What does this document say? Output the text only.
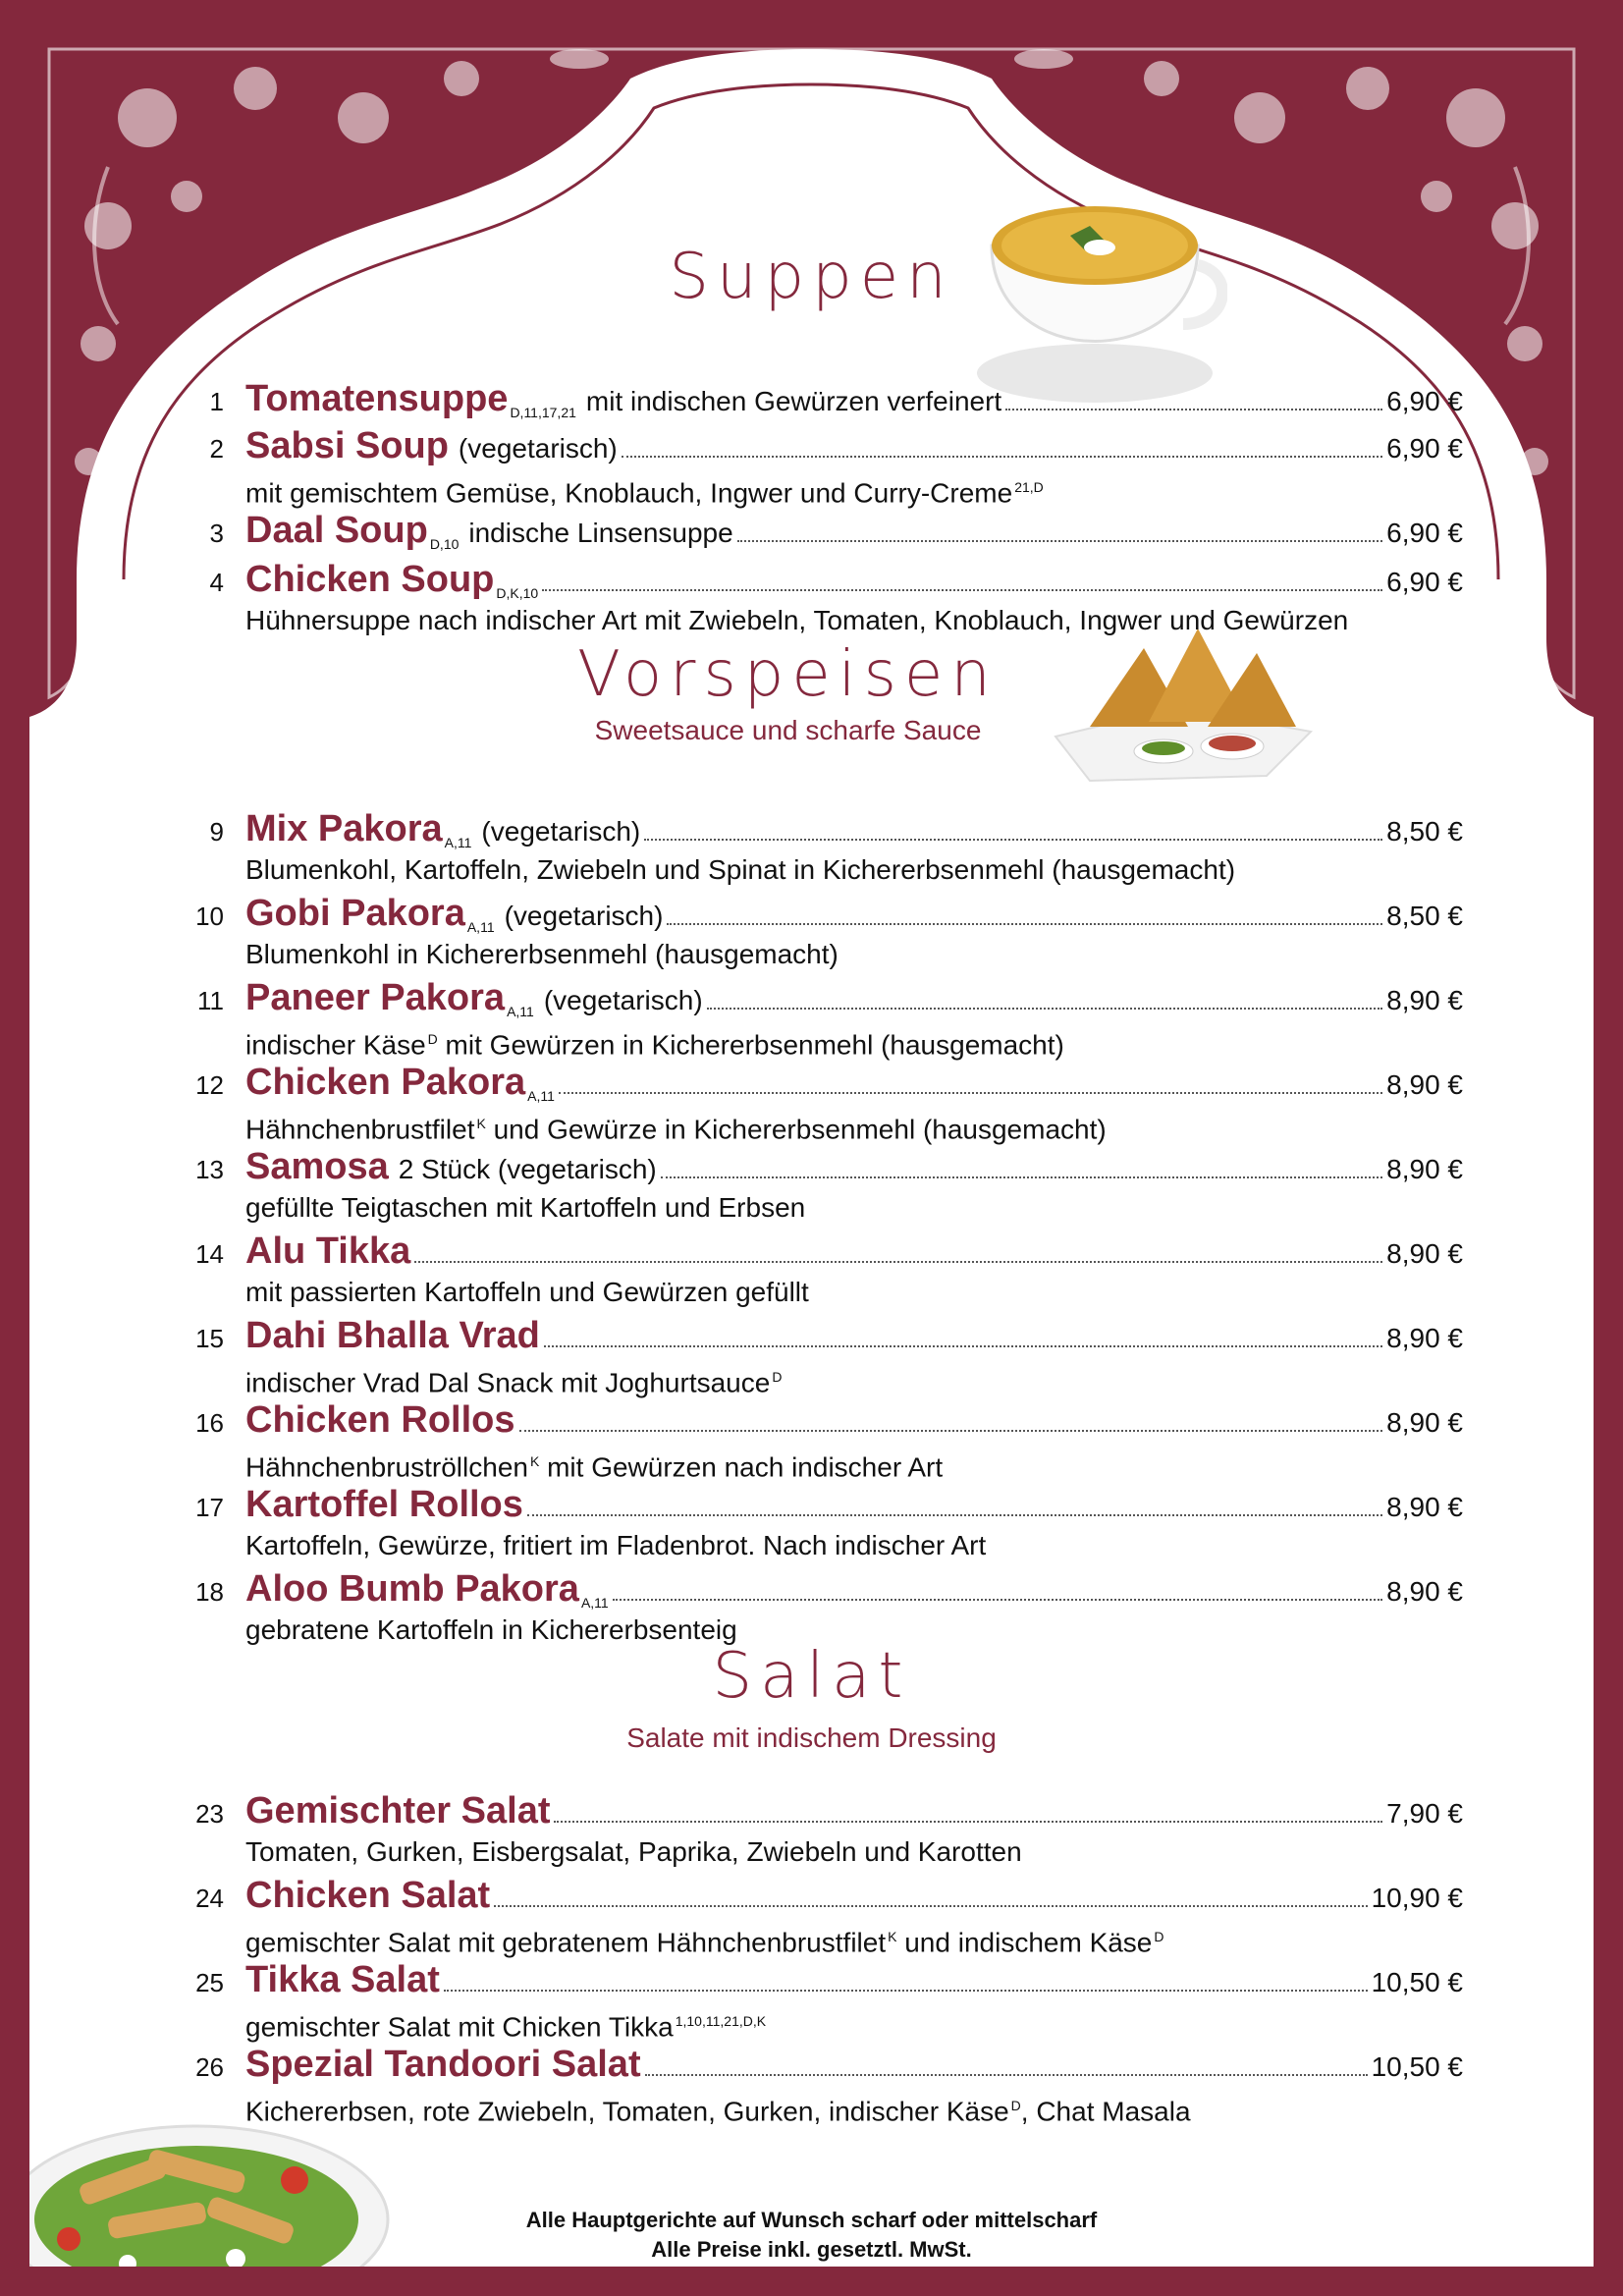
Suppen
Vorspeisen
Sweetsauce und scharfe Sauce
Salat
Salate mit indischem Dressing
1 Tomatensuppe D,11,17,21 mit indischen Gewürzen verfeinert	6,90 €
2 Sabsi Soup (vegetarisch)	6,90 €
mit gemischtem Gemüse, Knoblauch, Ingwer und Curry-Creme $^{21,D}$
3 Daal Soup D,10 indische Linsensuppe	6,90 €
4 Chicken Soup D,K,10	6,90 €
Hühnersuppe nach indischer Art mit Zwiebeln, Tomaten, Knoblauch, Ingwer und Gewürzen
9 Mix Pakora A,11 (vegetarisch)	8,50 €
Blumenkohl, Kartoffeln, Zwiebeln und Spinat in Kichererbsenmehl (hausgemacht)
10 Gobi Pakora A,11 (vegetarisch)	8,50 €
Blumenkohl in Kichererbsenmehl (hausgemacht)
11 Paneer Pakora A,11 (vegetarisch)	8,90 €
indischer Käse $^D$ mit Gewürzen in Kichererbsenmehl (hausgemacht)
12 Chicken Pakora A,11	8,90 €
Hähnchenbrustfilet $^K$ und Gewürze in Kichererbsenmehl (hausgemacht)
13 Samosa 2 Stück (vegetarisch)	8,90 €
gefüllte Teigtaschen mit Kartoffeln und Erbsen
14 Alu Tikka	8,90 €
mit passierten Kartoffeln und Gewürzen gefüllt
15 Dahi Bhalla Vrad	8,90 €
indischer Vrad Dal Snack mit Joghurtsauce $^D$
16 Chicken Rollos	8,90 €
Hähnchenbruströllchen $^K$ mit Gewürzen nach indischer Art
17 Kartoffel Rollos	8,90 €
Kartoffeln, Gewürze, fritiert im Fladenbrot. Nach indischer Art
18 Aloo Bumb Pakora A,11	8,90 €
gebratene Kartoffeln in Kichererbsenteig
23 Gemischter Salat	7,90 €
Tomaten, Gurken, Eisbergsalat, Paprika, Zwiebeln und Karotten
24 Chicken Salat	10,90 €
gemischter Salat mit gebratenem Hähnchenbrustfilet $^K$ und indischem Käse $^D$
25 Tikka Salat	10,50 €
gemischter Salat mit Chicken Tikka $^{1,10,11,21,D,K}$
26 Spezial Tandoori Salat	10,50 €
Kichererbsen, rote Zwiebeln, Tomaten, Gurken, indischer Käse $^D$, Chat Masala
Alle Hauptgerichte auf Wunsch scharf oder mittelscharf
Alle Preise inkl. gesetztl. MwSt.
